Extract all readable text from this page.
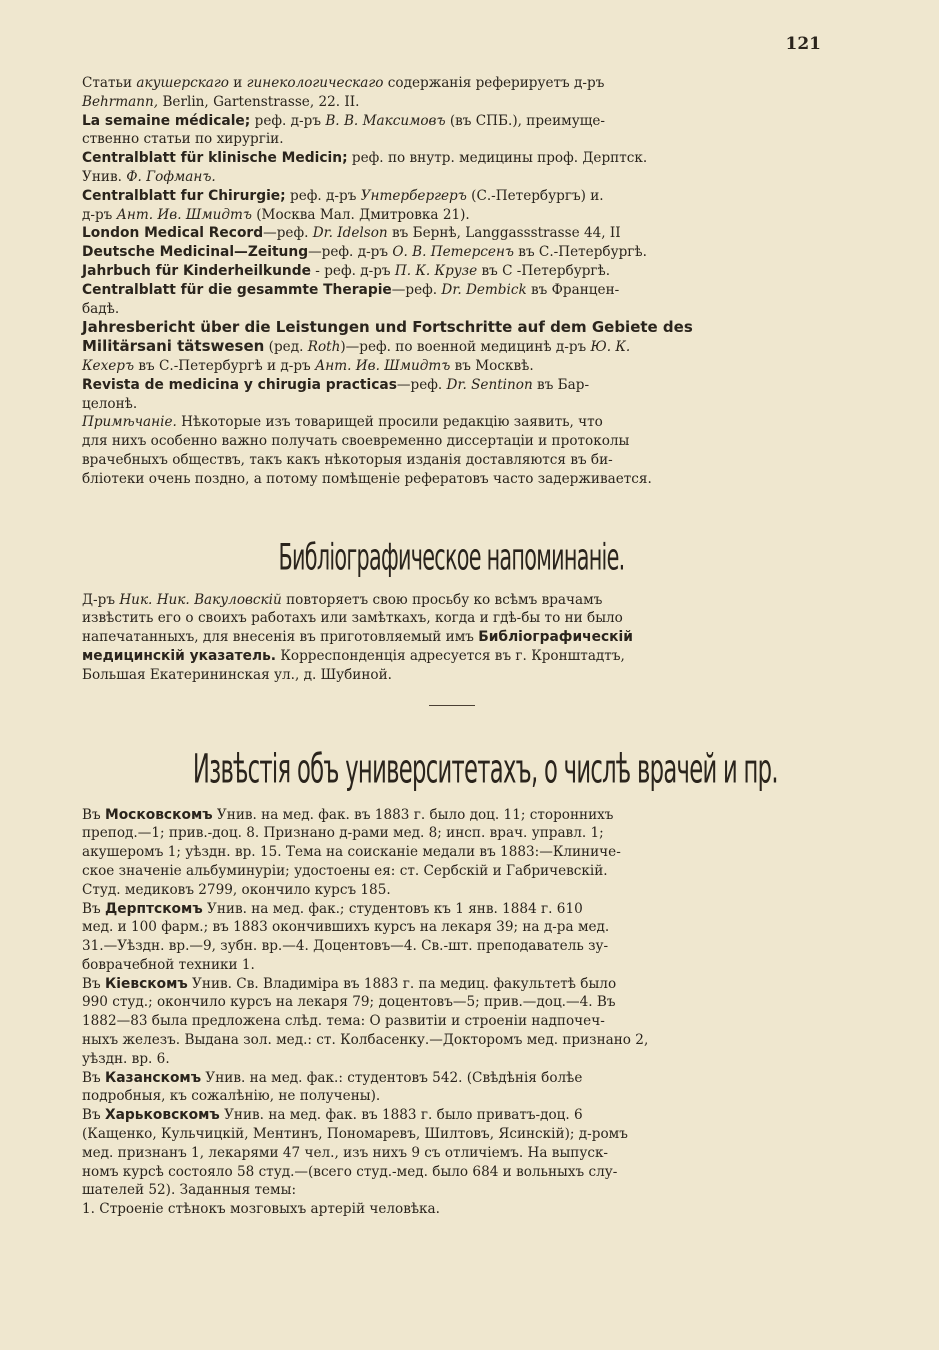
121

Статьи акушерскаго и гинекологическаго содержанія реферируетъ д-ръ
Behrmann, Berlin, Gartenstrasse, 22. II.

La semaine médicale; реф. д-ръ В. В. Максимовъ (въ СПБ.), преимуще-
ственно статьи по хирургіи.

Centralblatt für klinische Medicin; реф. по внутр. медицины проф. Дерптск.
Унив. Ф. Гофманъ.

Centralblatt fur Chirurgie; реф. д-ръ Унтербергеръ (С.-Петербургъ) и.
д-ръ Ант. Ив. Шмидтъ (Москва Мал. Дмитровка 21).

London Medical Record—реф. Dr. Idelson въ Бернѣ, Langgassstrasse 44, II

Deutsche Medicinal—Zeitung—реф. д-ръ О. В. Петерсенъ въ С.-Петербургѣ.

Jahrbuch für Kinderheilkunde - реф. д-ръ П. К. Крузе въ С -Петербургѣ.

Centralblatt für die gesammte Therapie—реф. Dr. Dembick въ Францен-
бадѣ.

Jahresbericht über die Leistungen und Fortschritte auf dem Gebiete des
Militärsani tätswesen (ред. Roth)—реф. по военной медицинѣ д-ръ Ю. К.
Кехеръ въ С.-Петербургѣ и д-ръ Ант. Ив. Шмидтъ въ Москвѣ.

Revista de medicina y chirugia practicas—реф. Dr. Sentinon въ Бар-
целонѣ.

Примѣчаніе. Нѣкоторые изъ товарищей просили редакцію заявить, что
для нихъ особенно важно получать своевременно диссертаціи и протоколы
врачебныхъ обществъ, такъ какъ нѣкоторыя изданія доставляются въ би-
бліотеки очень поздно, а потому помѣщеніе рефератовъ часто задерживается.

Библіографическое напоминаніе.

Д-ръ Ник. Ник. Вакуловскій повторяетъ свою просьбу ко всѣмъ врачамъ
извѣстить его о своихъ работахъ или замѣткахъ, когда и гдѣ-бы то ни было
напечатанныхъ, для внесенія въ приготовляемый имъ Библіографическій
медицинскій указатель. Корреспонденція адресуется въ г. Кронштадтъ,
Большая Екатерининская ул., д. Шубиной.

Извѣстія объ университетахъ, о числѣ врачей и пр.

Въ Московскомъ Унив. на мед. фак. въ 1883 г. было доц. 11; стороннихъ
препод.—1; прив.-доц. 8. Признано д-рами мед. 8; инсп. врач. управл. 1;
акушеромъ 1; уѣздн. вр. 15. Тема на соисканіе медали въ 1883:—Клиниче-
ское значеніе альбуминуріи; удостоены ея: ст. Сербскій и Габричевскій.
Студ. медиковъ 2799, окончило курсъ 185.

Въ Дерптскомъ Унив. на мед. фак.; студентовъ къ 1 янв. 1884 г. 610
мед. и 100 фарм.; въ 1883 окончившихъ курсъ на лекаря 39; на д-ра мед.
31.—Уѣздн. вр.—9, зубн. вр.—4. Доцентовъ—4. Св.-шт. преподаватель зу-
боврачебной техники 1.

Въ Кiевскомъ Унив. Св. Владиміра въ 1883 г. па медиц. факультетѣ было
990 студ.; окончило курсъ на лекаря 79; доцентовъ—5; прив.—доц.—4. Въ
1882—83 была предложена слѣд. тема: О развитіи и строеніи надпочеч-
ныхъ железъ. Выдана зол. мед.: ст. Колбасенку.—Докторомъ мед. признано 2,
уѣздн. вр. 6.

Въ Казанскомъ Унив. на мед. фак.: студентовъ 542. (Свѣдѣнія болѣе
подробныя, къ сожалѣнію, не получены).

Въ Харьковскомъ Унив. на мед. фак. въ 1883 г. было приватъ-доц. 6
(Кащенко, Кульчицкій, Ментинъ, Пономаревъ, Шилтовъ, Ясинскій); д-ромъ
мед. признанъ 1, лекарями 47 чел., изъ нихъ 9 съ отличіемъ. На выпуск-
номъ курсѣ состояло 58 студ.—(всего студ.-мед. было 684 и вольныхъ слу-
шателей 52). Заданныя темы:
1. Строеніе стѣнокъ мозговыхъ артерій человѣка.
